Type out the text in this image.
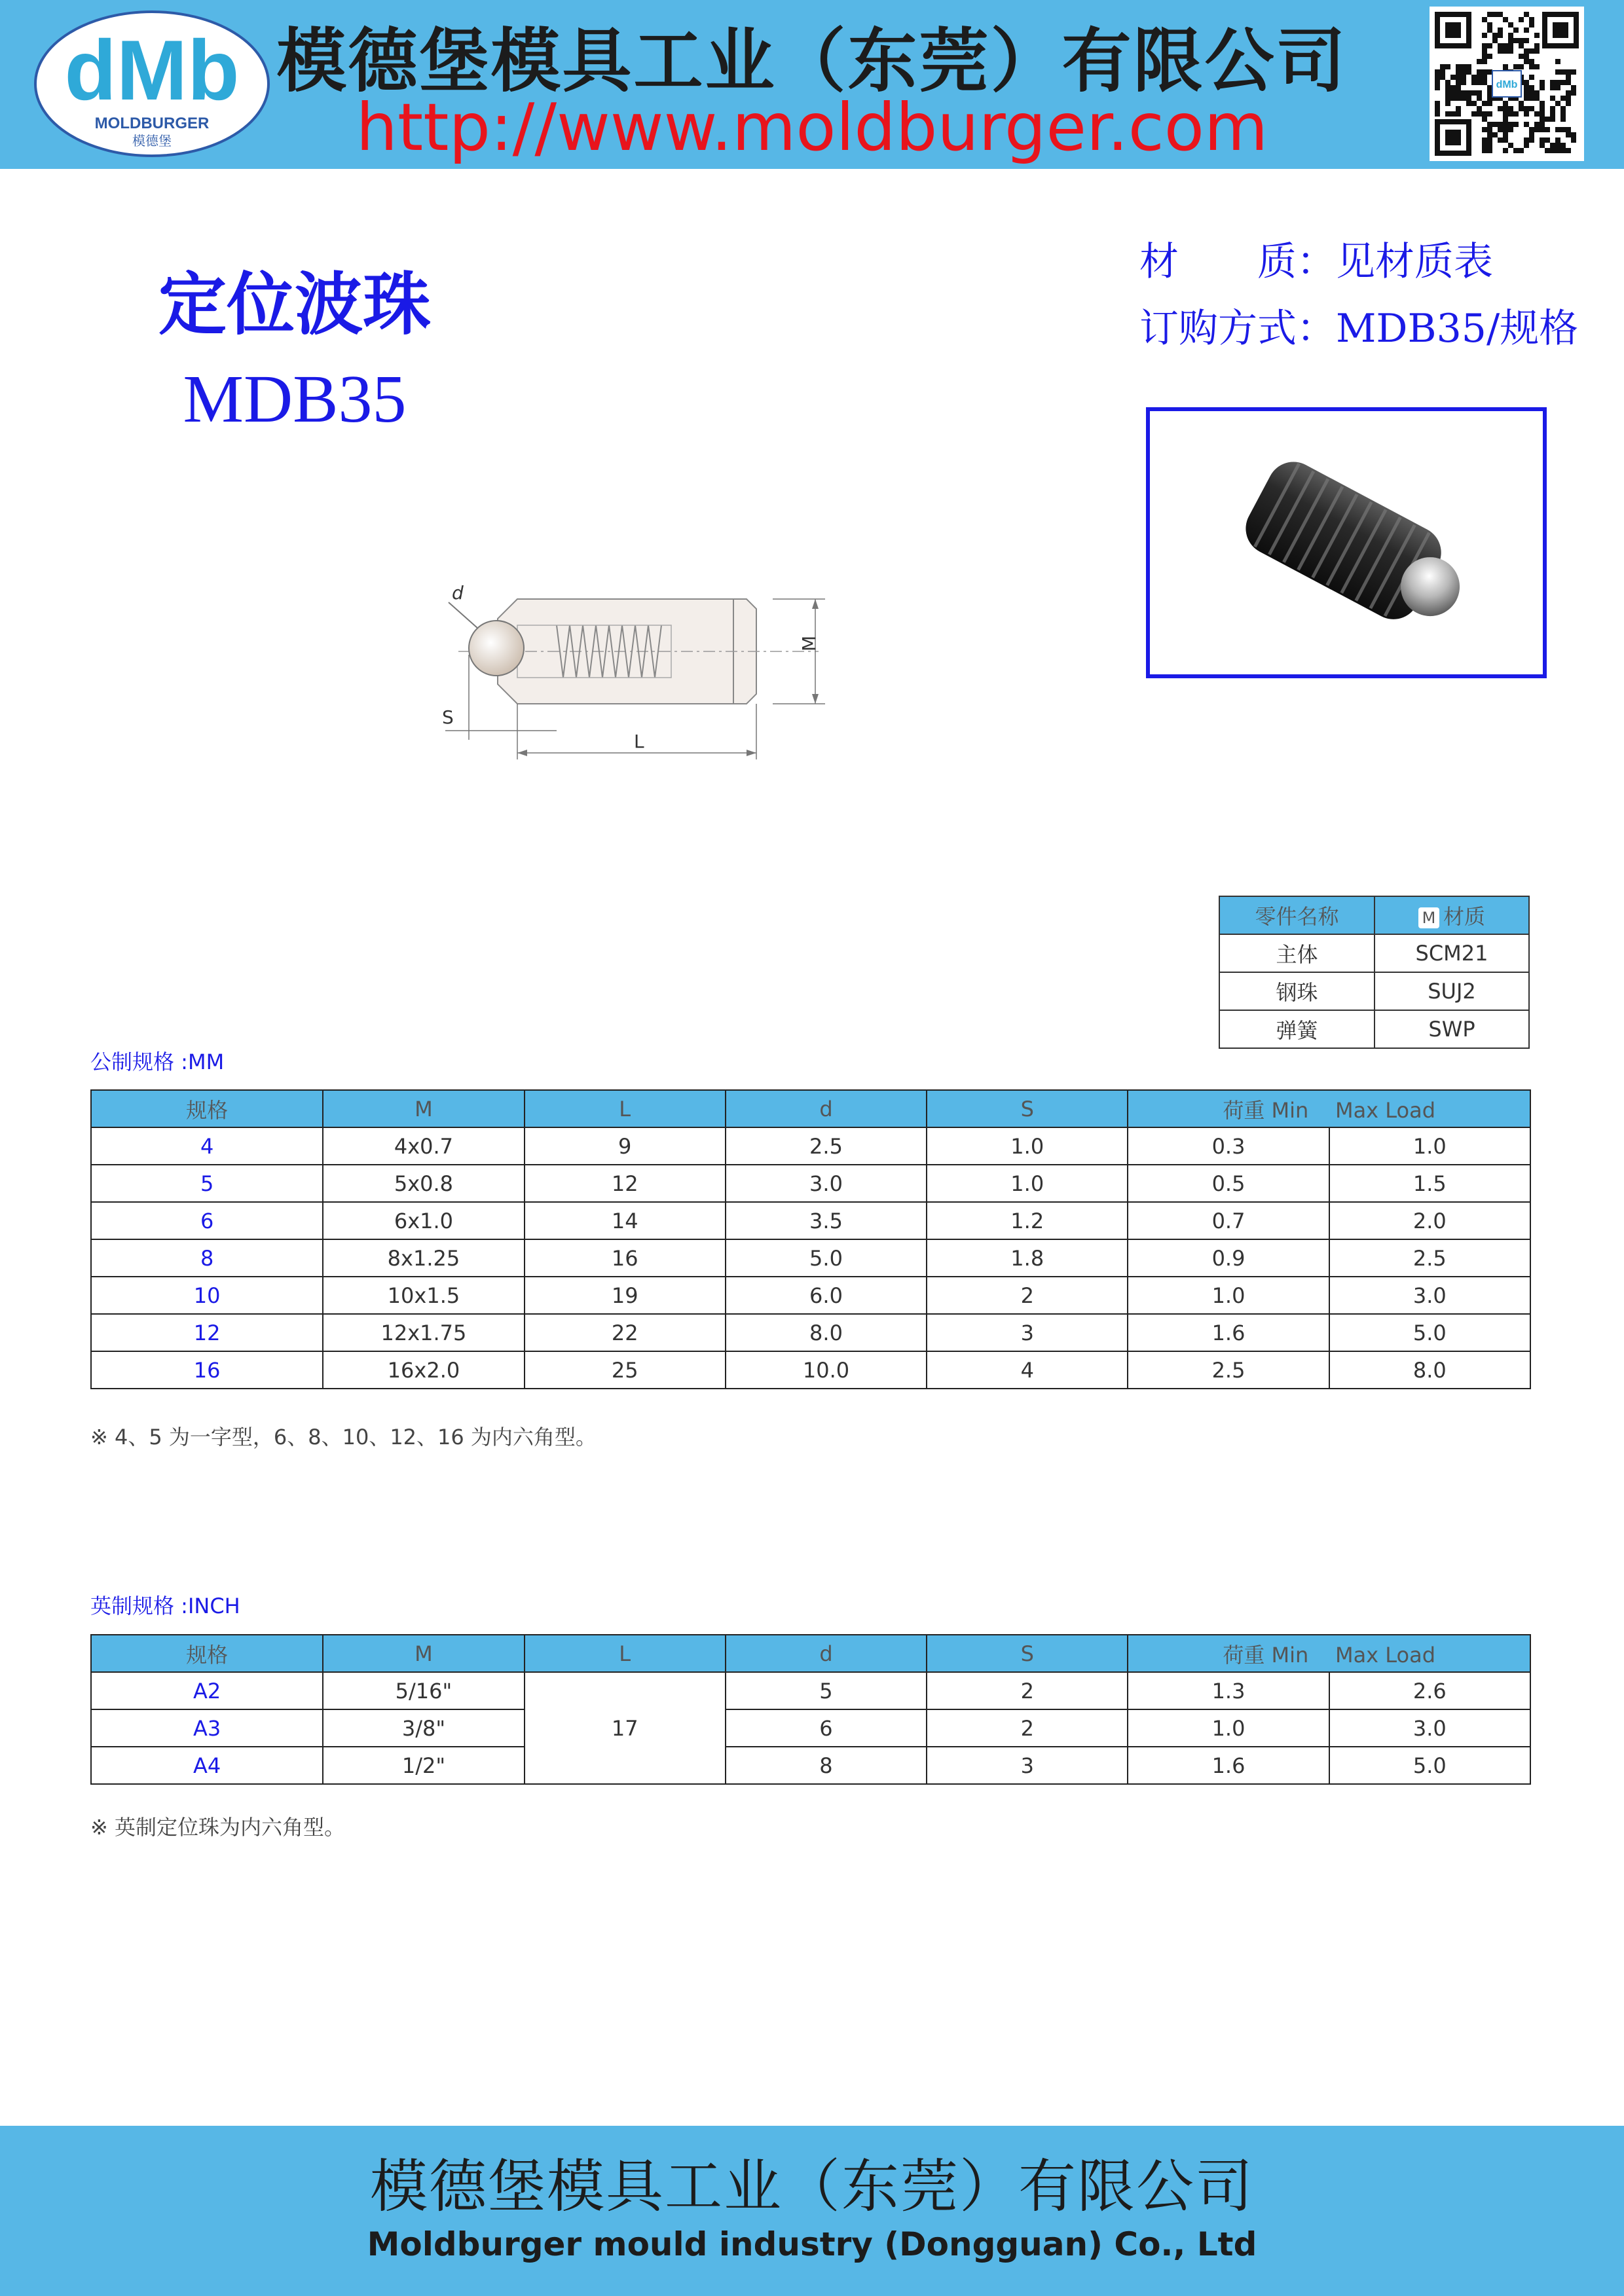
dMb
MOLDBURGER
模德堡
模德堡模具工业（东莞）有限公司
http://www.moldburger.com
dMb
定位波珠
MDB35
材　　质：见材质表
订购方式：MDB35/规格
d
M
S
L
零件名称	M 材质
主体	SCM21
钢珠	SUJ2
弹簧	SWP
公制规格 :MM
规格	M	L	d	S	荷重 Min    Max Load	
4	4x0.7	9	2.5	1.0	0.3	1.0
5	5x0.8	12	3.0	1.0	0.5	1.5
6	6x1.0	14	3.5	1.2	0.7	2.0
8	8x1.25	16	5.0	1.8	0.9	2.5
10	10x1.5	19	6.0	2	1.0	3.0
12	12x1.75	22	8.0	3	1.6	5.0
16	16x2.0	25	10.0	4	2.5	8.0
※ 4、5 为一字型，6、8、10、12、16 为内六角型。
英制规格 :INCH
规格	M	L	d	S	荷重 Min    Max Load	
A2	5/16"	17	5	2	1.3	2.6
A3	3/8"		6	2	1.0	3.0
A4	1/2"		8	3	1.6	5.0
※ 英制定位珠为内六角型。
模德堡模具工业（东莞）有限公司
Moldburger mould industry (Dongguan) Co., Ltd
